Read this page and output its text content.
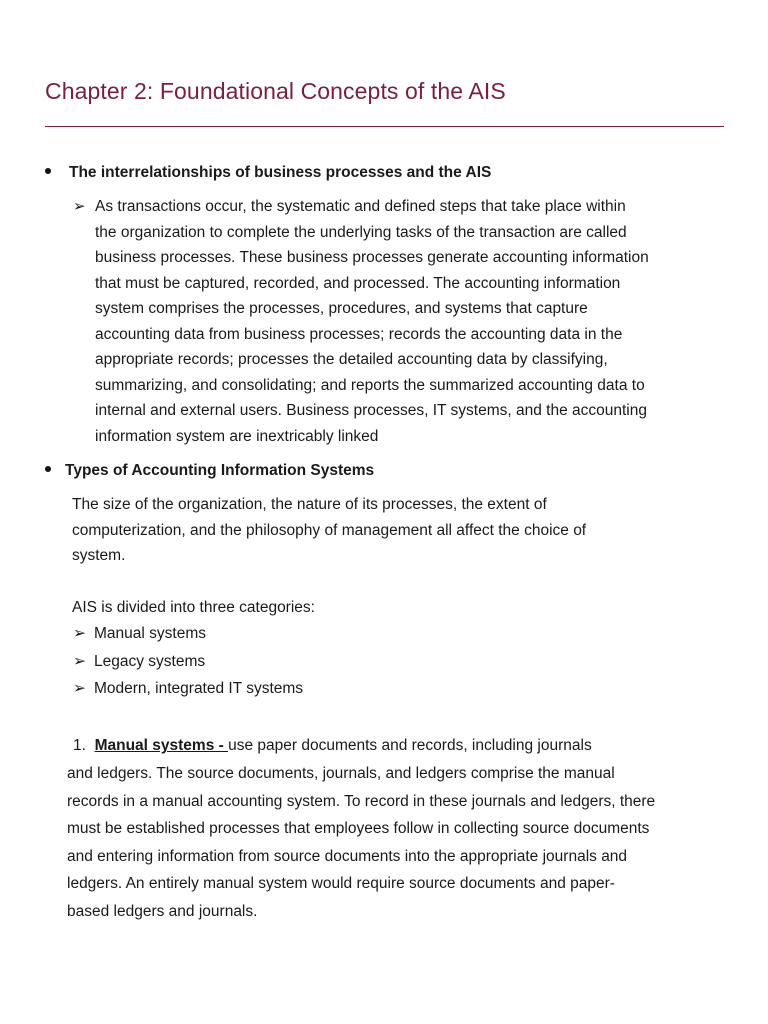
Chapter 2: Foundational Concepts of the AIS
The interrelationships of business processes and the AIS
➢ As transactions occur, the systematic and defined steps that take place within
the organization to complete the underlying tasks of the transaction are called
business processes. These business processes generate accounting information
that must be captured, recorded, and processed. The accounting information
system comprises the processes, procedures, and systems that capture
accounting data from business processes; records the accounting data in the
appropriate records; processes the detailed accounting data by classifying,
summarizing, and consolidating; and reports the summarized accounting data to
internal and external users. Business processes, IT systems, and the accounting
information system are inextricably linked
Types of Accounting Information Systems
The size of the organization, the nature of its processes, the extent of
computerization, and the philosophy of management all affect the choice of
system.
AIS is divided into three categories:
➢ Manual systems
➢ Legacy systems
➢ Modern, integrated IT systems
1. Manual systems - use paper documents and records, including journals
and ledgers. The source documents, journals, and ledgers comprise the manual
records in a manual accounting system. To record in these journals and ledgers, there
must be established processes that employees follow in collecting source documents
and entering information from source documents into the appropriate journals and
ledgers. An entirely manual system would require source documents and paper-
based ledgers and journals.
